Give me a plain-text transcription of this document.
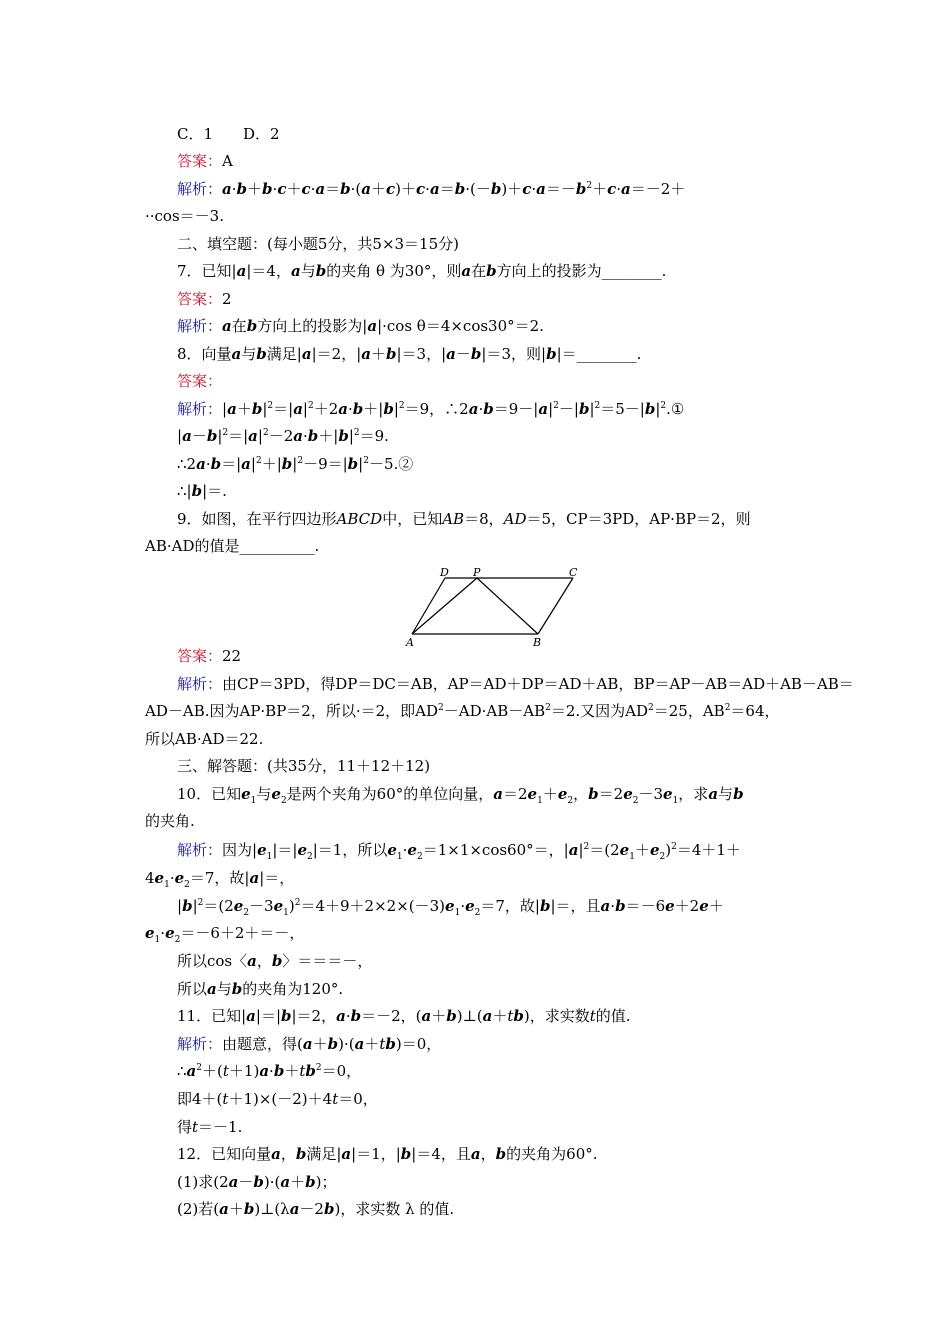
C．1　　D．2
答案：A
解析：$a\cdot b+b\cdot c+c\cdot a=b\cdot(a+c)+c\cdot a=b\cdot(-b)+c\cdot a=-b^2+c\cdot a=-2+$
··cos＝－3.
二、填空题：(每小题5分，共5×3＝15分)
7．已知|a|＝4，a与b的夹角 θ 为30°，则a在b方向上的投影为________.
答案：2
解析：a在b方向上的投影为|a|·cos θ＝4×cos30°＝2.
8．向量a与b满足|a|＝2，|a＋b|＝3，|a－b|＝3，则|b|＝________.
答案：
解析：$|a+b|^2=|a|^2+2a\cdot b+|b|^2=9$，$\therefore 2a\cdot b=9-|a|^2-|b|^2=5-|b|^2.①$
$|a-b|^2=|a|^2-2a\cdot b+|b|^2=9$.
$\therefore 2a\cdot b=|a|^2+|b|^2-9=|b|^2-5.②$
∴|b|＝.
9．如图，在平行四边形ABCD中，已知AB＝8，AD＝5，CP＝3PD，AP·BP＝2，则
AB·AD的值是__________.
D P	C
A	B
答案：22
解析：由CP＝3PD，得DP＝DC＝AB，AP＝AD＋DP＝AD＋AB，BP＝AP－AB＝AD＋AB－AB＝
AD－AB.因为AP·BP＝2，所以·＝2，即$AD^2-AD\cdot AB-AB^2=2$.又因为$AD^2=25$，$AB^2=64$，
所以AB·AD＝22.
三、解答题：(共35分，11＋12＋12)
10．已知$e_1$与$e_2$是两个夹角为60°的单位向量，$a=2e_1+e_2$，$b=2e_2-3e_1$，求a与b
的夹角.
解析：因为$|e_1|=|e_2|=1$，所以$e_1\cdot e_2=1\times 1\times\cos 60^\circ=$，$|a|^2=(2e_1+e_2)^2=4+1+$
$4e_1\cdot e_2=7$，故|a|＝，
$|b|^2=(2e_2-3e_1)^2=4+9+2\times 2\times(-3)e_1\cdot e_2=7$，故|b|＝，且a·b＝－6e＋2e＋
$e_1\cdot e_2=-6+2+=-$，
所以cos〈a，b〉＝＝＝－，
所以a与b的夹角为120°.
11．已知|a|＝|b|＝2，a·b＝－2，(a＋b)⊥(a＋tb)，求实数t的值.
解析：由题意，得(a＋b)·(a＋tb)＝0，
$\therefore a^2+(t+1)a\cdot b+tb^2=0$，
即4＋(t＋1)×(－2)＋4t＝0，
得t＝－1.
12．已知向量a，b满足|a|＝1，|b|＝4，且a，b的夹角为60°.
(1)求(2a－b)·(a＋b)；
(2)若(a＋b)⊥(λa－2b)，求实数 λ 的值.
